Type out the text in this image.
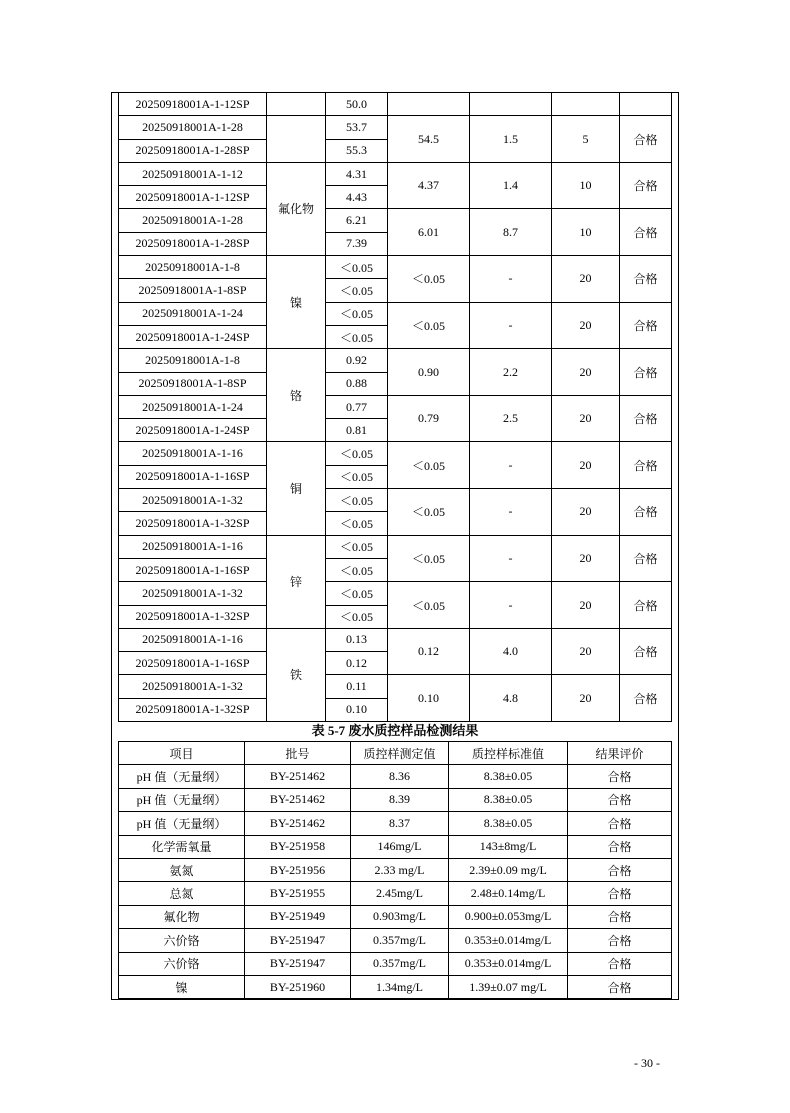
20250918001A-1-12SP		50.0				
20250918001A-1-28		53.7	54.5	1.5	5	合格
20250918001A-1-28SP		55.3				
20250918001A-1-12	氟化物	4.31	4.37	1.4	10	合格
20250918001A-1-12SP		4.43				
20250918001A-1-28		6.21	6.01	8.7	10	合格
20250918001A-1-28SP		7.39				
20250918001A-1-8	镍	＜0.05	＜0.05	-	20	合格
20250918001A-1-8SP		＜0.05				
20250918001A-1-24		＜0.05	＜0.05	-	20	合格
20250918001A-1-24SP		＜0.05				
20250918001A-1-8	铬	0.92	0.90	2.2	20	合格
20250918001A-1-8SP		0.88				
20250918001A-1-24		0.77	0.79	2.5	20	合格
20250918001A-1-24SP		0.81				
20250918001A-1-16	铜	＜0.05	＜0.05	-	20	合格
20250918001A-1-16SP		＜0.05				
20250918001A-1-32		＜0.05	＜0.05	-	20	合格
20250918001A-1-32SP		＜0.05				
20250918001A-1-16	锌	＜0.05	＜0.05	-	20	合格
20250918001A-1-16SP		＜0.05				
20250918001A-1-32		＜0.05	＜0.05	-	20	合格
20250918001A-1-32SP		＜0.05				
20250918001A-1-16	铁	0.13	0.12	4.0	20	合格
20250918001A-1-16SP		0.12				
20250918001A-1-32		0.11	0.10	4.8	20	合格
20250918001A-1-32SP		0.10				
表 5-7 废水质控样品检测结果
项目	批号	质控样测定值	质控样标准值	结果评价
pH 值（无量纲）	BY-251462	8.36	8.38±0.05	合格
pH 值（无量纲）	BY-251462	8.39	8.38±0.05	合格
pH 值（无量纲）	BY-251462	8.37	8.38±0.05	合格
化学需氧量	BY-251958	146mg/L	143±8mg/L	合格
氨氮	BY-251956	2.33 mg/L	2.39±0.09 mg/L	合格
总氮	BY-251955	2.45mg/L	2.48±0.14mg/L	合格
氟化物	BY-251949	0.903mg/L	0.900±0.053mg/L	合格
六价铬	BY-251947	0.357mg/L	0.353±0.014mg/L	合格
六价铬	BY-251947	0.357mg/L	0.353±0.014mg/L	合格
镍	BY-251960	1.34mg/L	1.39±0.07 mg/L	合格
- 30 -
